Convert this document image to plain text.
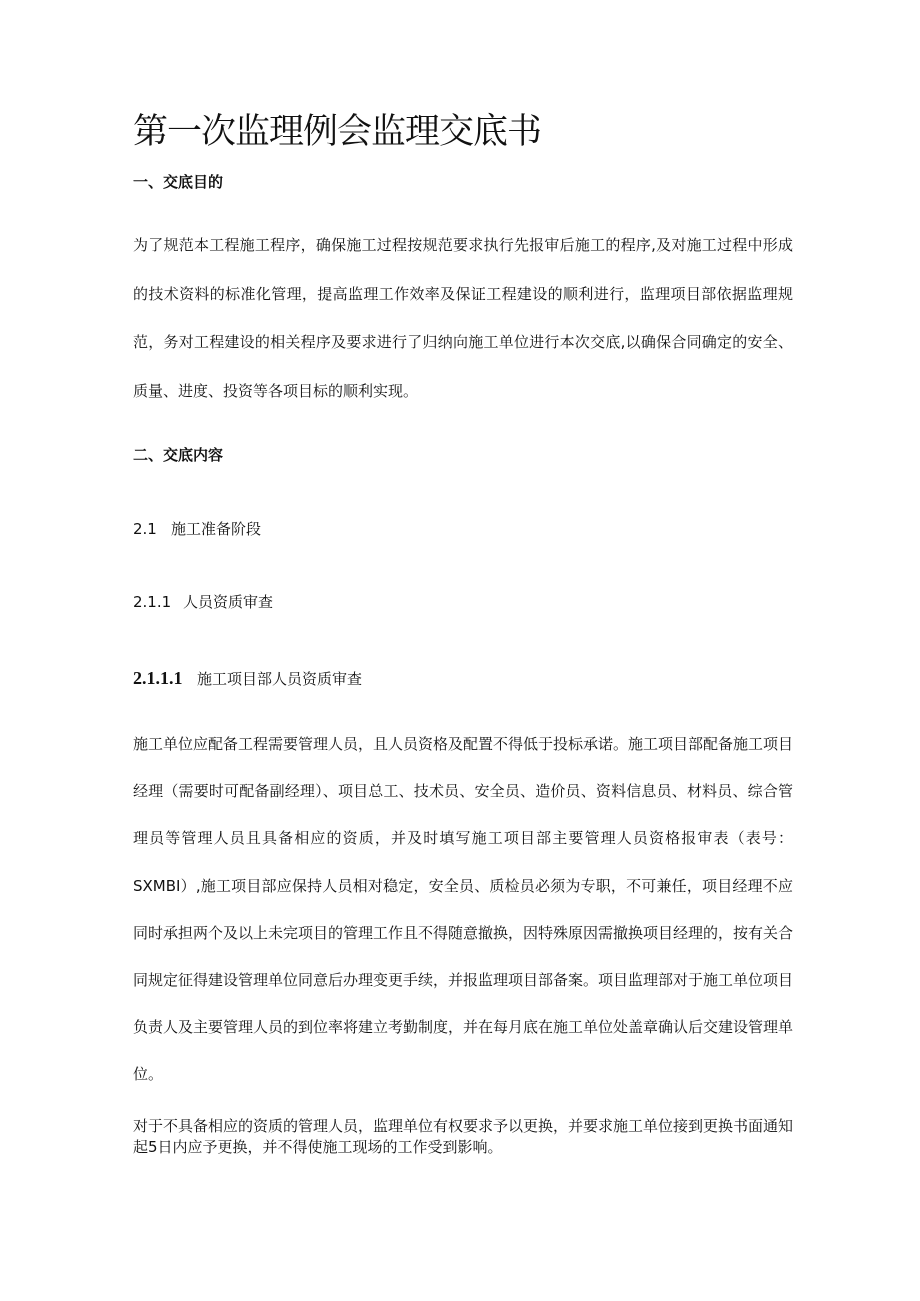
第一次监理例会监理交底书
一、交底目的

为了规范本工程施工程序，确保施工过程按规范要求执行先报审后施工的程序,及对施工过程中形成的技术资料的标准化管理，提高监理工作效率及保证工程建设的顺利进行，监理项目部依据监理规范，务对工程建设的相关程序及要求进行了归纳向施工单位进行本次交底,以确保合同确定的安全、质量、进度、投资等各项目标的顺利实现。

二、交底内容
2.1 施工准备阶段
2.1.1 人员资质审查
2.1.1.1 施工项目部人员资质审查

施工单位应配备工程需要管理人员，且人员资格及配置不得低于投标承诺。施工项目部配备施工项目经理（需要时可配备副经理）、项目总工、技术员、安全员、造价员、资料信息员、材料员、综合管理员等管理人员且具备相应的资质，并及时填写施工项目部主要管理人员资格报审表（表号：SXMBI）,施工项目部应保持人员相对稳定，安全员、质检员必须为专职，不可兼任，项目经理不应同时承担两个及以上未完项目的管理工作且不得随意撤换，因特殊原因需撤换项目经理的，按有关合同规定征得建设管理单位同意后办理变更手续，并报监理项目部备案。项目监理部对于施工单位项目负责人及主要管理人员的到位率将建立考勤制度，并在每月底在施工单位处盖章确认后交建设管理单位。

对于不具备相应的资质的管理人员，监理单位有权要求予以更换，并要求施工单位接到更换书面通知起5日内应予更换，并不得使施工现场的工作受到影响。
